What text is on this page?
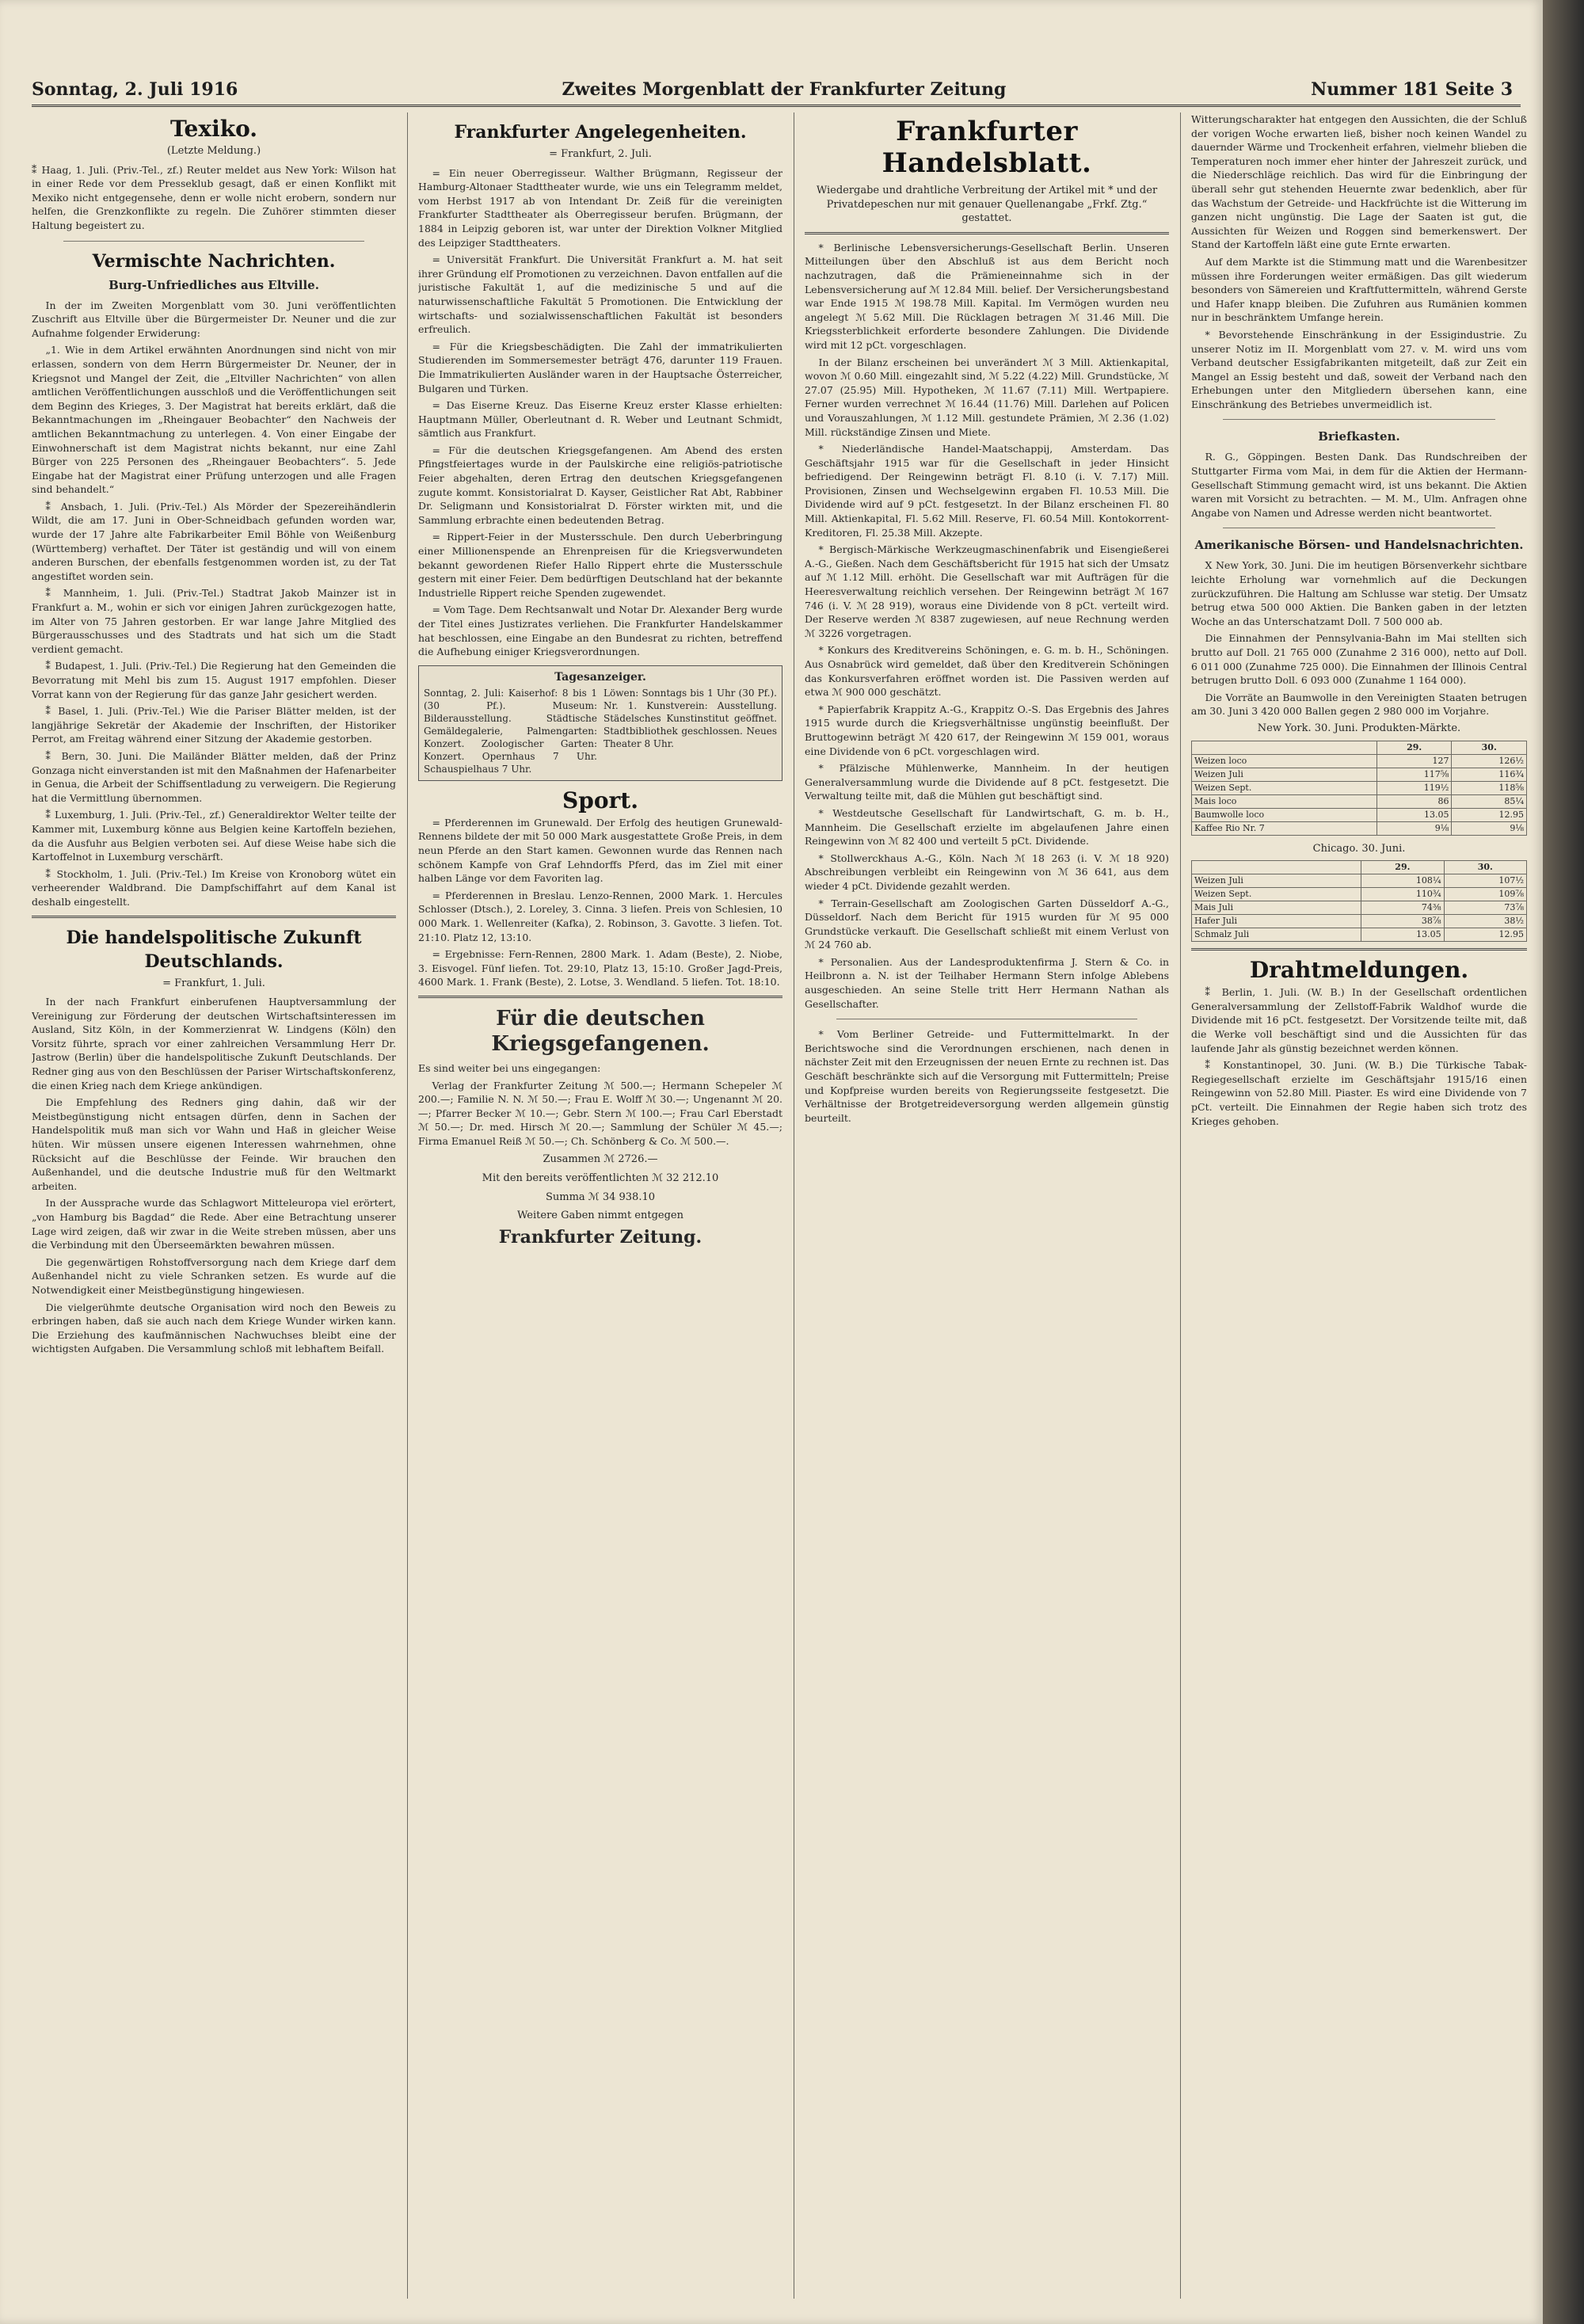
Sonntag, 2. Juli 1916	Zweites Morgenblatt der Frankfurter Zeitung	Nummer 181 Seite 3
Texiko.
(Letzte Meldung.)

⁑ Haag, 1. Juli. (Priv.-Tel., zf.) Reuter meldet aus New York: Wilson hat in einer Rede vor dem Presseklub gesagt, daß er einen Konflikt mit Mexiko nicht entgegensehe, denn er wolle nicht erobern, sondern nur helfen, die Grenzkonflikte zu regeln. Die Zuhörer stimmten dieser Haltung begeistert zu.

Vermischte Nachrichten.
Burg-Unfriedliches aus Eltville.

In der im Zweiten Morgenblatt vom 30. Juni veröffentlichten Zuschrift aus Eltville über die Bürgermeister Dr. Neuner und die zur Aufnahme folgender Erwiderung:

„1. Wie in dem Artikel erwähnten Anordnungen sind nicht von mir erlassen, sondern von dem Herrn Bürgermeister Dr. Neuner, der in Kriegsnot und Mangel der Zeit, die „Eltviller Nachrichten“ von allen amtlichen Veröffentlichungen ausschloß und die Veröffentlichungen seit dem Beginn des Krieges, 3. Der Magistrat hat bereits erklärt, daß die Bekanntmachungen im „Rheingauer Beobachter“ den Nachweis der amtlichen Bekanntmachung zu unterlegen. 4. Von einer Eingabe der Einwohnerschaft ist dem Magistrat nichts bekannt, nur eine Zahl Bürger von 225 Personen des „Rheingauer Beobachters“. 5. Jede Eingabe hat der Magistrat einer Prüfung unterzogen und alle Fragen sind behandelt.“

⁑ Ansbach, 1. Juli. (Priv.-Tel.) Als Mörder der Spezereihändlerin Wildt, die am 17. Juni in Ober-Schneidbach gefunden worden war, wurde der 17 Jahre alte Fabrikarbeiter Emil Böhle von Weißenburg (Württemberg) verhaftet. Der Täter ist geständig und will von einem anderen Burschen, der ebenfalls festgenommen worden ist, zu der Tat angestiftet worden sein.

⁑ Mannheim, 1. Juli. (Priv.-Tel.) Stadtrat Jakob Mainzer ist in Frankfurt a. M., wohin er sich vor einigen Jahren zurückgezogen hatte, im Alter von 75 Jahren gestorben. Er war lange Jahre Mitglied des Bürgerausschusses und des Stadtrats und hat sich um die Stadt verdient gemacht.

⁑ Budapest, 1. Juli. (Priv.-Tel.) Die Regierung hat den Gemeinden die Bevorratung mit Mehl bis zum 15. August 1917 empfohlen. Dieser Vorrat kann von der Regierung für das ganze Jahr gesichert werden.

⁑ Basel, 1. Juli. (Priv.-Tel.) Wie die Pariser Blätter melden, ist der langjährige Sekretär der Akademie der Inschriften, der Historiker Perrot, am Freitag während einer Sitzung der Akademie gestorben.

⁑ Bern, 30. Juni. Die Mailänder Blätter melden, daß der Prinz Gonzaga nicht einverstanden ist mit den Maßnahmen der Hafenarbeiter in Genua, die Arbeit der Schiffsentladung zu verweigern. Die Regierung hat die Vermittlung übernommen.

⁑ Luxemburg, 1. Juli. (Priv.-Tel., zf.) Generaldirektor Welter teilte der Kammer mit, Luxemburg könne aus Belgien keine Kartoffeln beziehen, da die Ausfuhr aus Belgien verboten sei. Auf diese Weise habe sich die Kartoffelnot in Luxemburg verschärft.

⁑ Stockholm, 1. Juli. (Priv.-Tel.) Im Kreise von Kronoborg wütet ein verheerender Waldbrand. Die Dampfschiffahrt auf dem Kanal ist deshalb eingestellt.

Die handelspolitische Zukunft Deutschlands.
= Frankfurt, 1. Juli.

In der nach Frankfurt einberufenen Hauptversammlung der Vereinigung zur Förderung der deutschen Wirtschaftsinteressen im Ausland, Sitz Köln, in der Kommerzienrat W. Lindgens (Köln) den Vorsitz führte, sprach vor einer zahlreichen Versammlung Herr Dr. Jastrow (Berlin) über die handelspolitische Zukunft Deutschlands. Der Redner ging aus von den Beschlüssen der Pariser Wirtschaftskonferenz, die einen Krieg nach dem Kriege ankündigen.

Die Empfehlung des Redners ging dahin, daß wir der Meistbegünstigung nicht entsagen dürfen, denn in Sachen der Handelspolitik muß man sich vor Wahn und Haß in gleicher Weise hüten. Wir müssen unsere eigenen Interessen wahrnehmen, ohne Rücksicht auf die Beschlüsse der Feinde. Wir brauchen den Außenhandel, und die deutsche Industrie muß für den Weltmarkt arbeiten.

In der Aussprache wurde das Schlagwort Mitteleuropa viel erörtert, „von Hamburg bis Bagdad“ die Rede. Aber eine Betrachtung unserer Lage wird zeigen, daß wir zwar in die Weite streben müssen, aber uns die Verbindung mit den Überseemärkten bewahren müssen.

Die gegenwärtigen Rohstoffversorgung nach dem Kriege darf dem Außenhandel nicht zu viele Schranken setzen. Es wurde auf die Notwendigkeit einer Meistbegünstigung hingewiesen.

Die vielgerühmte deutsche Organisation wird noch den Beweis zu erbringen haben, daß sie auch nach dem Kriege Wunder wirken kann. Die Erziehung des kaufmännischen Nachwuchses bleibt eine der wichtigsten Aufgaben. Die Versammlung schloß mit lebhaftem Beifall.

Frankfurter Angelegenheiten.
= Frankfurt, 2. Juli.

= Ein neuer Oberregisseur. Walther Brügmann, Regisseur der Hamburg-Altonaer Stadttheater wurde, wie uns ein Telegramm meldet, vom Herbst 1917 ab von Intendant Dr. Zeiß für die vereinigten Frankfurter Stadttheater als Oberregisseur berufen. Brügmann, der 1884 in Leipzig geboren ist, war unter der Direktion Volkner Mitglied des Leipziger Stadttheaters.

= Universität Frankfurt. Die Universität Frankfurt a. M. hat seit ihrer Gründung elf Promotionen zu verzeichnen. Davon entfallen auf die juristische Fakultät 1, auf die medizinische 5 und auf die naturwissenschaftliche Fakultät 5 Promotionen. Die Entwicklung der wirtschafts- und sozialwissenschaftlichen Fakultät ist besonders erfreulich.

= Für die Kriegsbeschädigten. Die Zahl der immatrikulierten Studierenden im Sommersemester beträgt 476, darunter 119 Frauen. Die Immatrikulierten Ausländer waren in der Hauptsache Österreicher, Bulgaren und Türken.

= Das Eiserne Kreuz. Das Eiserne Kreuz erster Klasse erhielten: Hauptmann Müller, Oberleutnant d. R. Weber und Leutnant Schmidt, sämtlich aus Frankfurt.

= Für die deutschen Kriegsgefangenen. Am Abend des ersten Pfingstfeiertages wurde in der Paulskirche eine religiös-patriotische Feier abgehalten, deren Ertrag den deutschen Kriegsgefangenen zugute kommt. Konsistorialrat D. Kayser, Geistlicher Rat Abt, Rabbiner Dr. Seligmann und Konsistorialrat D. Förster wirkten mit, und die Sammlung erbrachte einen bedeutenden Betrag.

= Rippert-Feier in der Mustersschule. Den durch Ueberbringung einer Millionenspende an Ehrenpreisen für die Kriegsverwundeten bekannt gewordenen Riefer Hallo Rippert ehrte die Mustersschule gestern mit einer Feier. Dem bedürftigen Deutschland hat der bekannte Industrielle Rippert reiche Spenden zugewendet.

= Vom Tage. Dem Rechtsanwalt und Notar Dr. Alexander Berg wurde der Titel eines Justizrates verliehen. Die Frankfurter Handelskammer hat beschlossen, eine Eingabe an den Bundesrat zu richten, betreffend die Aufhebung einiger Kriegsverordnungen.

Tagesanzeiger.
Sonntag, 2. Juli: Kaiserhof: 8 bis 1 (30 Pf.). Museum: Bilderausstellung. Städtische Gemäldegalerie, Palmengarten: Konzert. Zoologischer Garten: Konzert. Opernhaus 7 Uhr. Schauspielhaus 7 Uhr.
Löwen: Sonntags bis 1 Uhr (30 Pf.). Nr. 1. Kunstverein: Ausstellung. Städelsches Kunstinstitut geöffnet. Stadtbibliothek geschlossen. Neues Theater 8 Uhr.
Sport.

= Pferderennen im Grunewald. Der Erfolg des heutigen Grunewald-Rennens bildete der mit 50 000 Mark ausgestattete Große Preis, in dem neun Pferde an den Start kamen. Gewonnen wurde das Rennen nach schönem Kampfe von Graf Lehndorffs Pferd, das im Ziel mit einer halben Länge vor dem Favoriten lag.

= Pferderennen in Breslau. Lenzo-Rennen, 2000 Mark. 1. Hercules Schlosser (Dtsch.), 2. Loreley, 3. Cinna. 3 liefen. Preis von Schlesien, 10 000 Mark. 1. Wellenreiter (Kafka), 2. Robinson, 3. Gavotte. 3 liefen. Tot. 21:10. Platz 12, 13:10.

= Ergebnisse: Fern-Rennen, 2800 Mark. 1. Adam (Beste), 2. Niobe, 3. Eisvogel. Fünf liefen. Tot. 29:10, Platz 13, 15:10. Großer Jagd-Preis, 4600 Mark. 1. Frank (Beste), 2. Lotse, 3. Wendland. 5 liefen. Tot. 18:10.

Für die deutschen Kriegsgefangenen.

Es sind weiter bei uns eingegangen:

Verlag der Frankfurter Zeitung ℳ 500.—; Hermann Schepeler ℳ 200.—; Familie N. N. ℳ 50.—; Frau E. Wolff ℳ 30.—; Ungenannt ℳ 20.—; Pfarrer Becker ℳ 10.—; Gebr. Stern ℳ 100.—; Frau Carl Eberstadt ℳ 50.—; Dr. med. Hirsch ℳ 20.—; Sammlung der Schüler ℳ 45.—; Firma Emanuel Reiß ℳ 50.—; Ch. Schönberg & Co. ℳ 500.—.

Zusammen ℳ 2726.—
Mit den bereits veröffentlichten ℳ 32 212.10
Summa ℳ 34 938.10
Weitere Gaben nimmt entgegen
Frankfurter Zeitung.
Frankfurter Handelsblatt.
Wiedergabe und drahtliche Verbreitung der Artikel mit * und der Privatdepeschen nur mit genauer Quellenangabe „Frkf. Ztg.“ gestattet.

* Berlinische Lebensversicherungs-Gesellschaft Berlin. Unseren Mitteilungen über den Abschluß ist aus dem Bericht noch nachzutragen, daß die Prämieneinnahme sich in der Lebensversicherung auf ℳ 12.84 Mill. belief. Der Versicherungsbestand war Ende 1915 ℳ 198.78 Mill. Kapital. Im Vermögen wurden neu angelegt ℳ 5.62 Mill. Die Rücklagen betragen ℳ 31.46 Mill. Die Kriegssterblichkeit erforderte besondere Zahlungen. Die Dividende wird mit 12 pCt. vorgeschlagen.

In der Bilanz erscheinen bei unverändert ℳ 3 Mill. Aktienkapital, wovon ℳ 0.60 Mill. eingezahlt sind, ℳ 5.22 (4.22) Mill. Grundstücke, ℳ 27.07 (25.95) Mill. Hypotheken, ℳ 11.67 (7.11) Mill. Wertpapiere. Ferner wurden verrechnet ℳ 16.44 (11.76) Mill. Darlehen auf Policen und Vorauszahlungen, ℳ 1.12 Mill. gestundete Prämien, ℳ 2.36 (1.02) Mill. rückständige Zinsen und Miete.

* Niederländische Handel-Maatschappij, Amsterdam. Das Geschäftsjahr 1915 war für die Gesellschaft in jeder Hinsicht befriedigend. Der Reingewinn beträgt Fl. 8.10 (i. V. 7.17) Mill. Provisionen, Zinsen und Wechselgewinn ergaben Fl. 10.53 Mill. Die Dividende wird auf 9 pCt. festgesetzt. In der Bilanz erscheinen Fl. 80 Mill. Aktienkapital, Fl. 5.62 Mill. Reserve, Fl. 60.54 Mill. Kontokorrent-Kreditoren, Fl. 25.38 Mill. Akzepte.

* Bergisch-Märkische Werkzeugmaschinenfabrik und Eisengießerei A.-G., Gießen. Nach dem Geschäftsbericht für 1915 hat sich der Umsatz auf ℳ 1.12 Mill. erhöht. Die Gesellschaft war mit Aufträgen für die Heeresverwaltung reichlich versehen. Der Reingewinn beträgt ℳ 167 746 (i. V. ℳ 28 919), woraus eine Dividende von 8 pCt. verteilt wird. Der Reserve werden ℳ 8387 zugewiesen, auf neue Rechnung werden ℳ 3226 vorgetragen.

* Konkurs des Kreditvereins Schöningen, e. G. m. b. H., Schöningen. Aus Osnabrück wird gemeldet, daß über den Kreditverein Schöningen das Konkursverfahren eröffnet worden ist. Die Passiven werden auf etwa ℳ 900 000 geschätzt.

* Papierfabrik Krappitz A.-G., Krappitz O.-S. Das Ergebnis des Jahres 1915 wurde durch die Kriegsverhältnisse ungünstig beeinflußt. Der Bruttogewinn beträgt ℳ 420 617, der Reingewinn ℳ 159 001, woraus eine Dividende von 6 pCt. vorgeschlagen wird.

* Pfälzische Mühlenwerke, Mannheim. In der heutigen Generalversammlung wurde die Dividende auf 8 pCt. festgesetzt. Die Verwaltung teilte mit, daß die Mühlen gut beschäftigt sind.

* Westdeutsche Gesellschaft für Landwirtschaft, G. m. b. H., Mannheim. Die Gesellschaft erzielte im abgelaufenen Jahre einen Reingewinn von ℳ 82 400 und verteilt 5 pCt. Dividende.

* Stollwerckhaus A.-G., Köln. Nach ℳ 18 263 (i. V. ℳ 18 920) Abschreibungen verbleibt ein Reingewinn von ℳ 36 641, aus dem wieder 4 pCt. Dividende gezahlt werden.

* Terrain-Gesellschaft am Zoologischen Garten Düsseldorf A.-G., Düsseldorf. Nach dem Bericht für 1915 wurden für ℳ 95 000 Grundstücke verkauft. Die Gesellschaft schließt mit einem Verlust von ℳ 24 760 ab.

* Personalien. Aus der Landesproduktenfirma J. Stern & Co. in Heilbronn a. N. ist der Teilhaber Hermann Stern infolge Ablebens ausgeschieden. An seine Stelle tritt Herr Hermann Nathan als Gesellschafter.

* Vom Berliner Getreide- und Futtermittelmarkt. In der Berichtswoche sind die Verordnungen erschienen, nach denen in nächster Zeit mit den Erzeugnissen der neuen Ernte zu rechnen ist. Das Geschäft beschränkte sich auf die Versorgung mit Futtermitteln; Preise und Kopfpreise wurden bereits von Regierungsseite festgesetzt. Die Verhältnisse der Brotgetreideversorgung werden allgemein günstig beurteilt.

Witterungscharakter hat entgegen den Aussichten, die der Schluß der vorigen Woche erwarten ließ, bisher noch keinen Wandel zu dauernder Wärme und Trockenheit erfahren, vielmehr blieben die Temperaturen noch immer eher hinter der Jahreszeit zurück, und die Niederschläge reichlich. Das wird für die Einbringung der überall sehr gut stehenden Heuernte zwar bedenklich, aber für das Wachstum der Getreide- und Hackfrüchte ist die Witterung im ganzen nicht ungünstig. Die Lage der Saaten ist gut, die Aussichten für Weizen und Roggen sind bemerkenswert. Der Stand der Kartoffeln läßt eine gute Ernte erwarten.

Auf dem Markte ist die Stimmung matt und die Warenbesitzer müssen ihre Forderungen weiter ermäßigen. Das gilt wiederum besonders von Sämereien und Kraftfuttermitteln, während Gerste und Hafer knapp bleiben. Die Zufuhren aus Rumänien kommen nur in beschränktem Umfange herein.

* Bevorstehende Einschränkung in der Essigindustrie. Zu unserer Notiz im II. Morgenblatt vom 27. v. M. wird uns vom Verband deutscher Essigfabrikanten mitgeteilt, daß zur Zeit ein Mangel an Essig besteht und daß, soweit der Verband nach den Erhebungen unter den Mitgliedern übersehen kann, eine Einschränkung des Betriebes unvermeidlich ist.

Briefkasten.

R. G., Göppingen. Besten Dank. Das Rundschreiben der Stuttgarter Firma vom Mai, in dem für die Aktien der Hermann-Gesellschaft Stimmung gemacht wird, ist uns bekannt. Die Aktien waren mit Vorsicht zu betrachten. — M. M., Ulm. Anfragen ohne Angabe von Namen und Adresse werden nicht beantwortet.

Amerikanische Börsen- und Handelsnachrichten.

X New York, 30. Juni. Die im heutigen Börsenverkehr sichtbare leichte Erholung war vornehmlich auf die Deckungen zurückzuführen. Die Haltung am Schlusse war stetig. Der Umsatz betrug etwa 500 000 Aktien. Die Banken gaben in der letzten Woche an das Unterschatzamt Doll. 7 500 000 ab.

Die Einnahmen der Pennsylvania-Bahn im Mai stellten sich brutto auf Doll. 21 765 000 (Zunahme 2 316 000), netto auf Doll. 6 011 000 (Zunahme 725 000). Die Einnahmen der Illinois Central betrugen brutto Doll. 6 093 000 (Zunahme 1 164 000).

Die Vorräte an Baumwolle in den Vereinigten Staaten betrugen am 30. Juni 3 420 000 Ballen gegen 2 980 000 im Vorjahre.

New York. 30. Juni. Produkten-Märkte.
	29.	30.
Weizen loco	127	126½
Weizen Juli	117⅝	116¾
Weizen Sept.	119½	118⅝
Mais loco	86	85¼
Baumwolle loco	13.05	12.95
Kaffee Rio Nr. 7	9⅛	9⅛
Chicago. 30. Juni.
	29.	30.
Weizen Juli	108¼	107½
Weizen Sept.	110¾	109⅞
Mais Juli	74⅜	73⅞
Hafer Juli	38⅞	38½
Schmalz Juli	13.05	12.95
Drahtmeldungen.

⁑ Berlin, 1. Juli. (W. B.) In der Gesellschaft ordentlichen Generalversammlung der Zellstoff-Fabrik Waldhof wurde die Dividende mit 16 pCt. festgesetzt. Der Vorsitzende teilte mit, daß die Werke voll beschäftigt sind und die Aussichten für das laufende Jahr als günstig bezeichnet werden können.

⁑ Konstantinopel, 30. Juni. (W. B.) Die Türkische Tabak-Regiegesellschaft erzielte im Geschäftsjahr 1915/16 einen Reingewinn von 52.80 Mill. Piaster. Es wird eine Dividende von 7 pCt. verteilt. Die Einnahmen der Regie haben sich trotz des Krieges gehoben.
